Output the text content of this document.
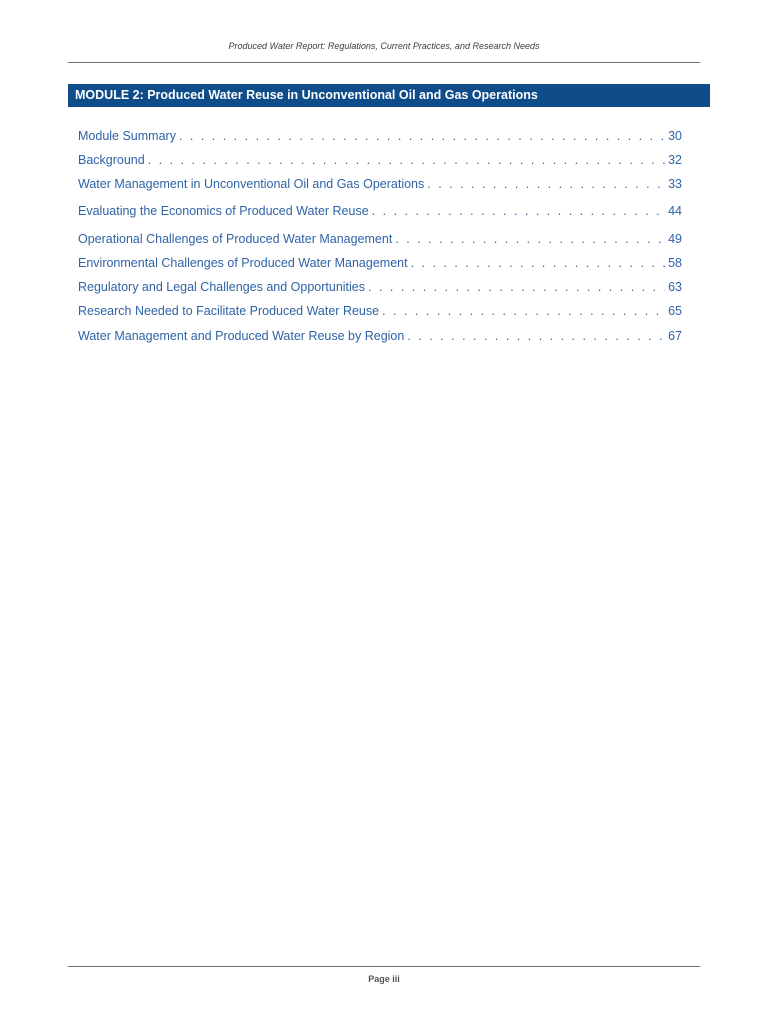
Produced Water Report: Regulations, Current Practices, and Research Needs
MODULE 2: Produced Water Reuse in Unconventional Oil and Gas Operations
Module Summary . . .	30
Background . . .	32
Water Management in Unconventional Oil and Gas Operations . . .	33
Evaluating the Economics of Produced Water Reuse . . .	44
Operational Challenges of Produced Water Management . . .	49
Environmental Challenges of Produced Water Management . . .	58
Regulatory and Legal Challenges and Opportunities . . .	63
Research Needed to Facilitate Produced Water Reuse . . .	65
Water Management and Produced Water Reuse by Region . . .	67
Page iii
